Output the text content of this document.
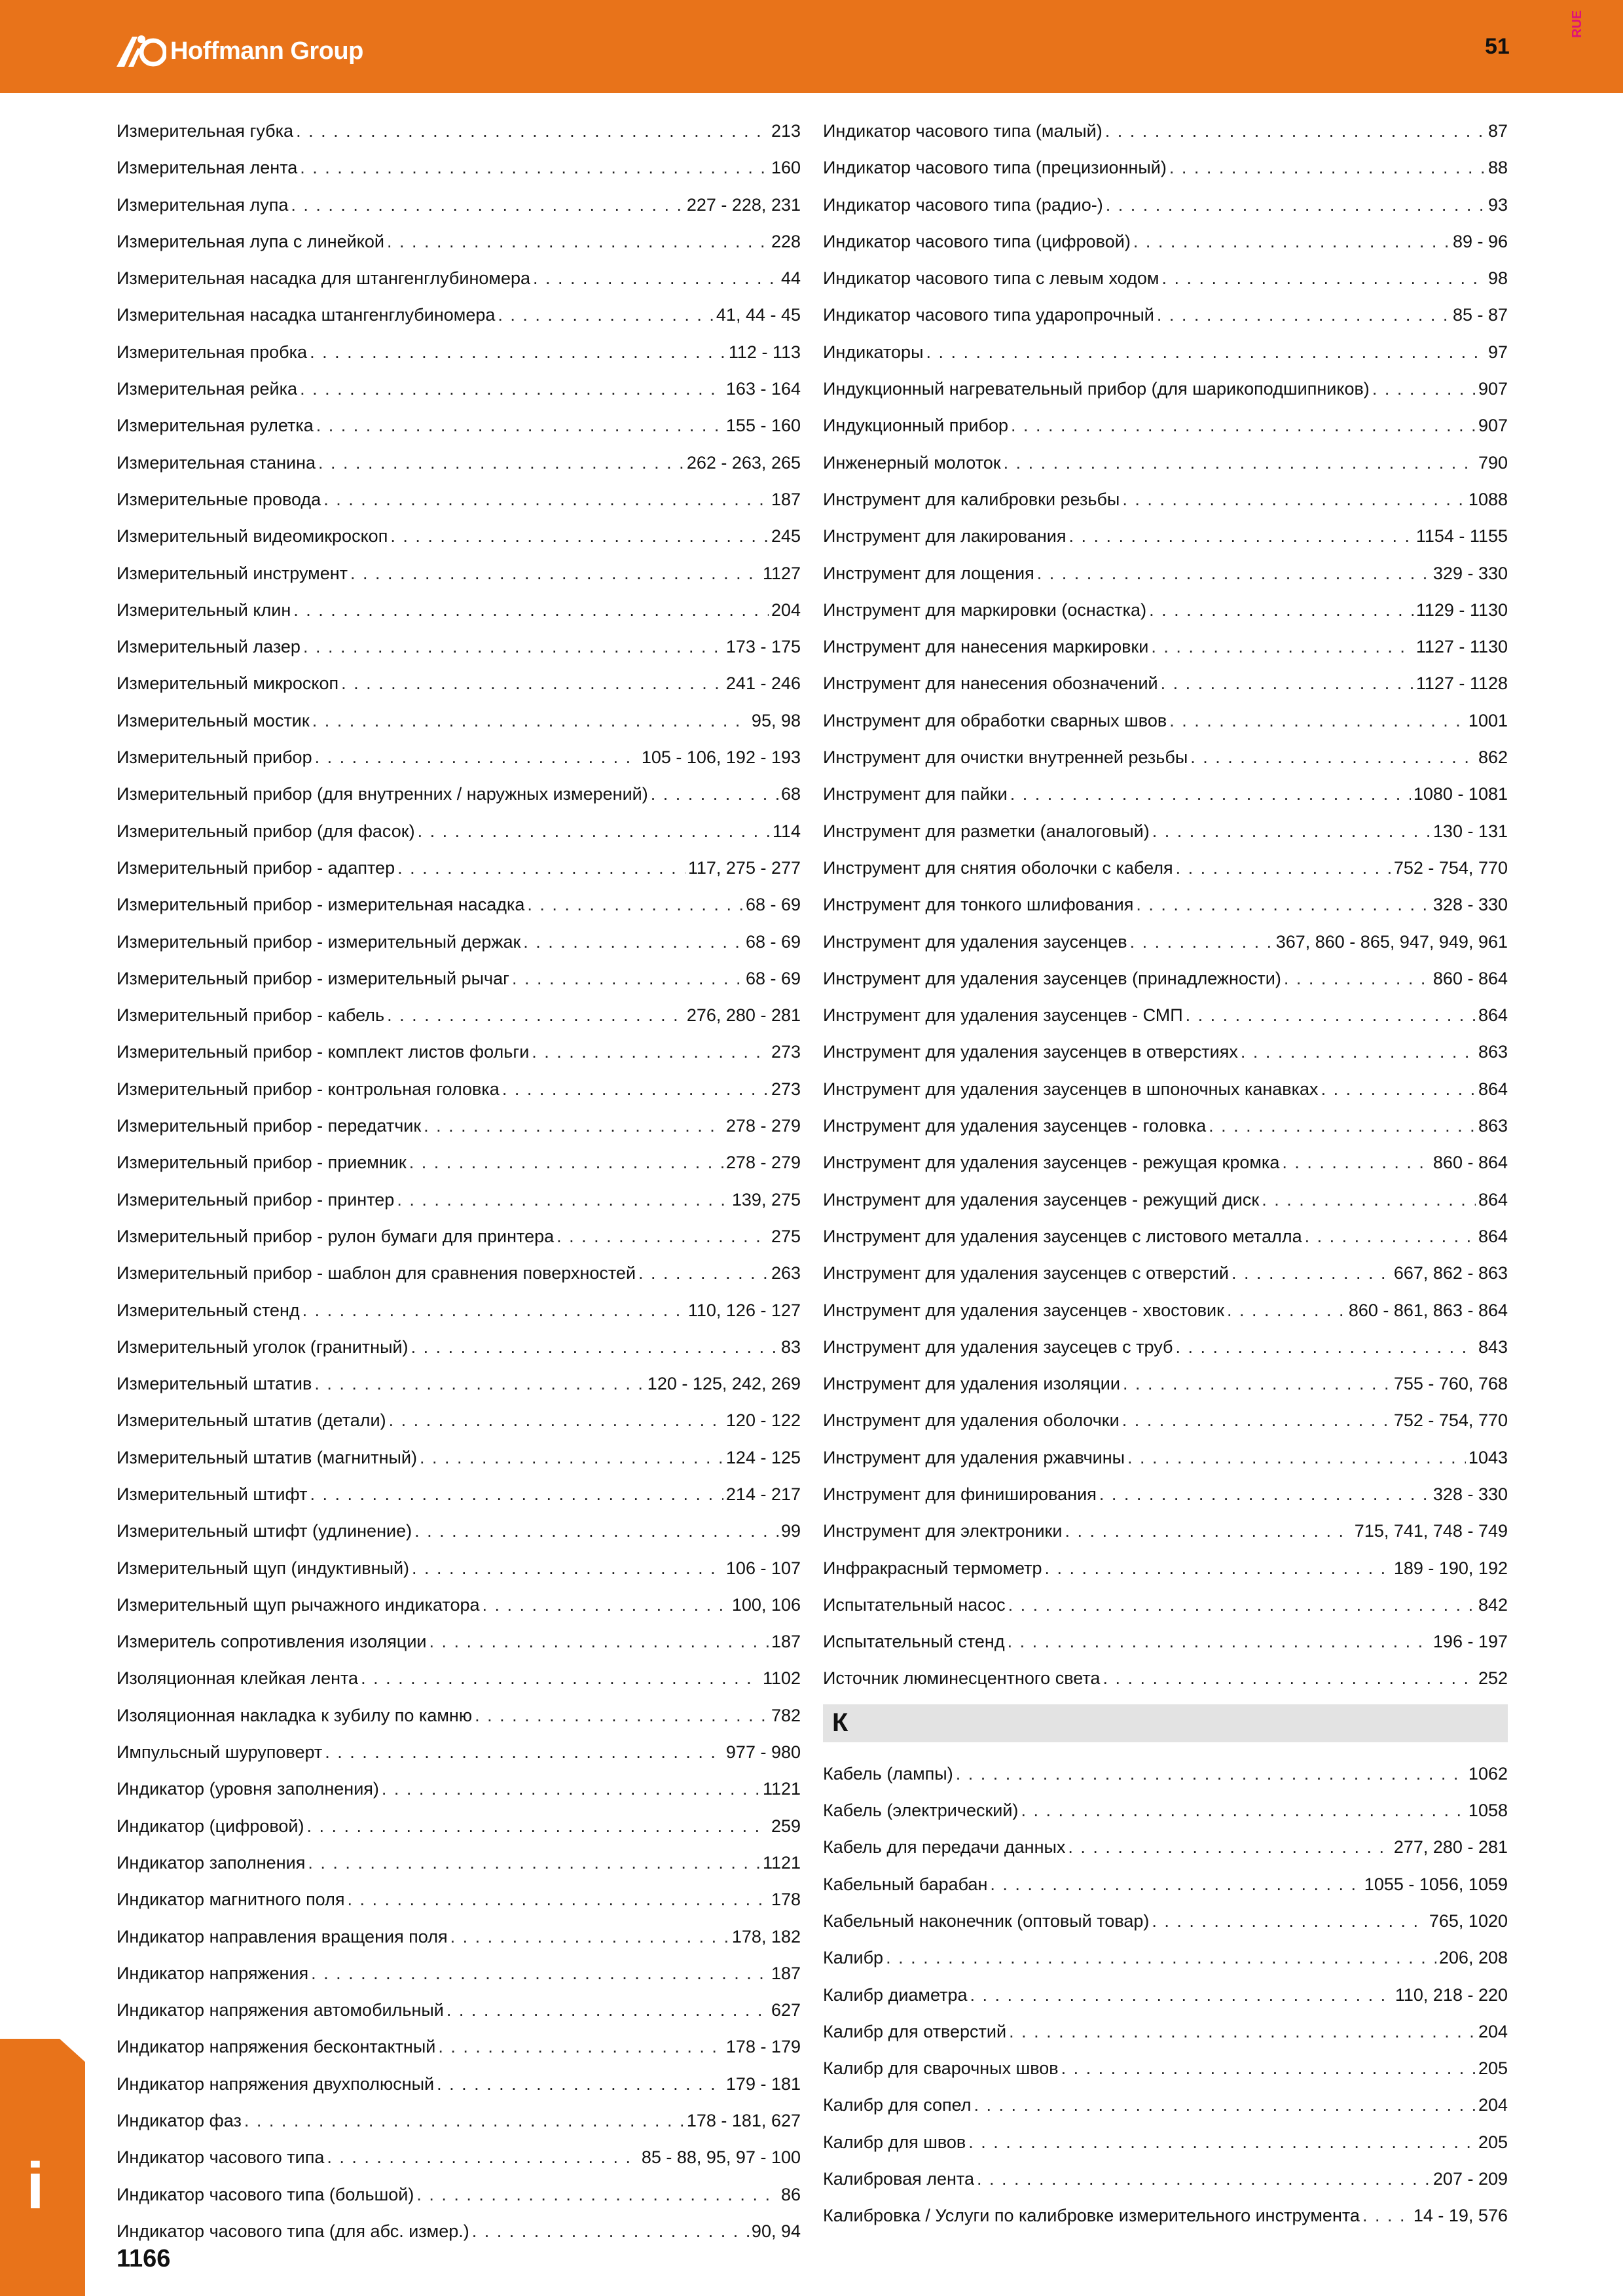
Hoffmann Group	51
RUE
Измерительная губка . . .	213
Измерительная лента . . .	160
Измерительная лупа . . .	227 - 228, 231
Измерительная лупа с линейкой . . .	228
Измерительная насадка для штангенглубиномера . . .	44
Измерительная насадка штангенглубиномера . . .	41, 44 - 45
Измерительная пробка . . .	112 - 113
Измерительная рейка . . .	163 - 164
Измерительная рулетка . . .	155 - 160
Измерительная станина . . .	262 - 263, 265
Измерительные провода . . .	187
Измерительный видеомикроскоп . . .	245
Измерительный инструмент . . .	1127
Измерительный клин . . .	204
Измерительный лазер . . .	173 - 175
Измерительный микроскоп . . .	241 - 246
Измерительный мостик . . .	95, 98
Измерительный прибор . . .	105 - 106, 192 - 193
Измерительный прибор (для внутренних / наружных измерений) . . .	68
Измерительный прибор (для фасок) . . .	114
Измерительный прибор - адаптер . . .	117, 275 - 277
Измерительный прибор - измерительная насадка . . .	68 - 69
Измерительный прибор - измерительный держак . . .	68 - 69
Измерительный прибор - измерительный рычаг . . .	68 - 69
Измерительный прибор - кабель . . .	276, 280 - 281
Измерительный прибор - комплект листов фольги . . .	273
Измерительный прибор - контрольная головка . . .	273
Измерительный прибор - передатчик . . .	278 - 279
Измерительный прибор - приемник . . .	278 - 279
Измерительный прибор - принтер . . .	139, 275
Измерительный прибор - рулон бумаги для принтера . . .	275
Измерительный прибор - шаблон для сравнения поверхностей . . .	263
Измерительный стенд . . .	110, 126 - 127
Измерительный уголок (гранитный) . . .	83
Измерительный штатив . . .	120 - 125, 242, 269
Измерительный штатив (детали) . . .	120 - 122
Измерительный штатив (магнитный) . . .	124 - 125
Измерительный штифт . . .	214 - 217
Измерительный штифт (удлинение) . . .	99
Измерительный щуп (индуктивный) . . .	106 - 107
Измерительный щуп рычажного индикатора . . .	100, 106
Измеритель сопротивления изоляции . . .	187
Изоляционная клейкая лента . . .	1102
Изоляционная накладка к зубилу по камню . . .	782
Импульсный шуруповерт . . .	977 - 980
Индикатор (уровня заполнения) . . .	1121
Индикатор (цифровой) . . .	259
Индикатор заполнения . . .	1121
Индикатор магнитного поля . . .	178
Индикатор направления вращения поля . . .	178, 182
Индикатор напряжения . . .	187
Индикатор напряжения автомобильный . . .	627
Индикатор напряжения бесконтактный . . .	178 - 179
Индикатор напряжения двухполюсный . . .	179 - 181
Индикатор фаз . . .	178 - 181, 627
Индикатор часового типа . . .	85 - 88, 95, 97 - 100
Индикатор часового типа (большой) . . .	86
Индикатор часового типа (для абс. измер.) . . .	90, 94
Индикатор часового типа (малый) . . .	87
Индикатор часового типа (прецизионный) . . .	88
Индикатор часового типа (радио-) . . .	93
Индикатор часового типа (цифровой) . . .	89 - 96
Индикатор часового типа с левым ходом . . .	98
Индикатор часового типа ударопрочный . . .	85 - 87
Индикаторы . . .	97
Индукционный нагревательный прибор (для шарикоподшипников) . . .	907
Индукционный прибор . . .	907
Инженерный молоток . . .	790
Инструмент для калибровки резьбы . . .	1088
Инструмент для лакирования . . .	1154 - 1155
Инструмент для лощения . . .	329 - 330
Инструмент для маркировки (оснастка) . . .	1129 - 1130
Инструмент для нанесения маркировки . . .	1127 - 1130
Инструмент для нанесения обозначений . . .	1127 - 1128
Инструмент для обработки сварных швов . . .	1001
Инструмент для очистки внутренней резьбы . . .	862
Инструмент для пайки . . .	1080 - 1081
Инструмент для разметки (аналоговый) . . .	130 - 131
Инструмент для снятия оболочки с кабеля . . .	752 - 754, 770
Инструмент для тонкого шлифования . . .	328 - 330
Инструмент для удаления заусенцев . . .	367, 860 - 865, 947, 949, 961
Инструмент для удаления заусенцев (принадлежности) . . .	860 - 864
Инструмент для удаления заусенцев - СМП . . .	864
Инструмент для удаления заусенцев в отверстиях . . .	863
Инструмент для удаления заусенцев в шпоночных канавках . . .	864
Инструмент для удаления заусенцев - головка . . .	863
Инструмент для удаления заусенцев - режущая кромка . . .	860 - 864
Инструмент для удаления заусенцев - режущий диск . . .	864
Инструмент для удаления заусенцев с листового металла . . .	864
Инструмент для удаления заусенцев с отверстий . . .	667, 862 - 863
Инструмент для удаления заусенцев - хвостовик . . .	860 - 861, 863 - 864
Инструмент для удаления заусецев с труб . . .	843
Инструмент для удаления изоляции . . .	755 - 760, 768
Инструмент для удаления оболочки . . .	752 - 754, 770
Инструмент для удаления ржавчины . . .	1043
Инструмент для финиширования . . .	328 - 330
Инструмент для электроники . . .	715, 741, 748 - 749
Инфракрасный термометр . . .	189 - 190, 192
Испытательный насос . . .	842
Испытательный стенд . . .	196 - 197
Источник люминесцентного света . . .	252
К
Кабель (лампы) . . .	1062
Кабель (электрический) . . .	1058
Кабель для передачи данных . . .	277, 280 - 281
Кабельный барабан . . .	1055 - 1056, 1059
Кабельный наконечник (оптовый товар) . . .	765, 1020
Калибр . . .	206, 208
Калибр диаметра . . .	110, 218 - 220
Калибр для отверстий . . .	204
Калибр для сварочных швов . . .	205
Калибр для сопел . . .	204
Калибр для швов . . .	205
Калибровая лента . . .	207 - 209
Калибровка / Услуги по калибровке измерительного инструмента . . .	14 - 19, 576
i
1166
